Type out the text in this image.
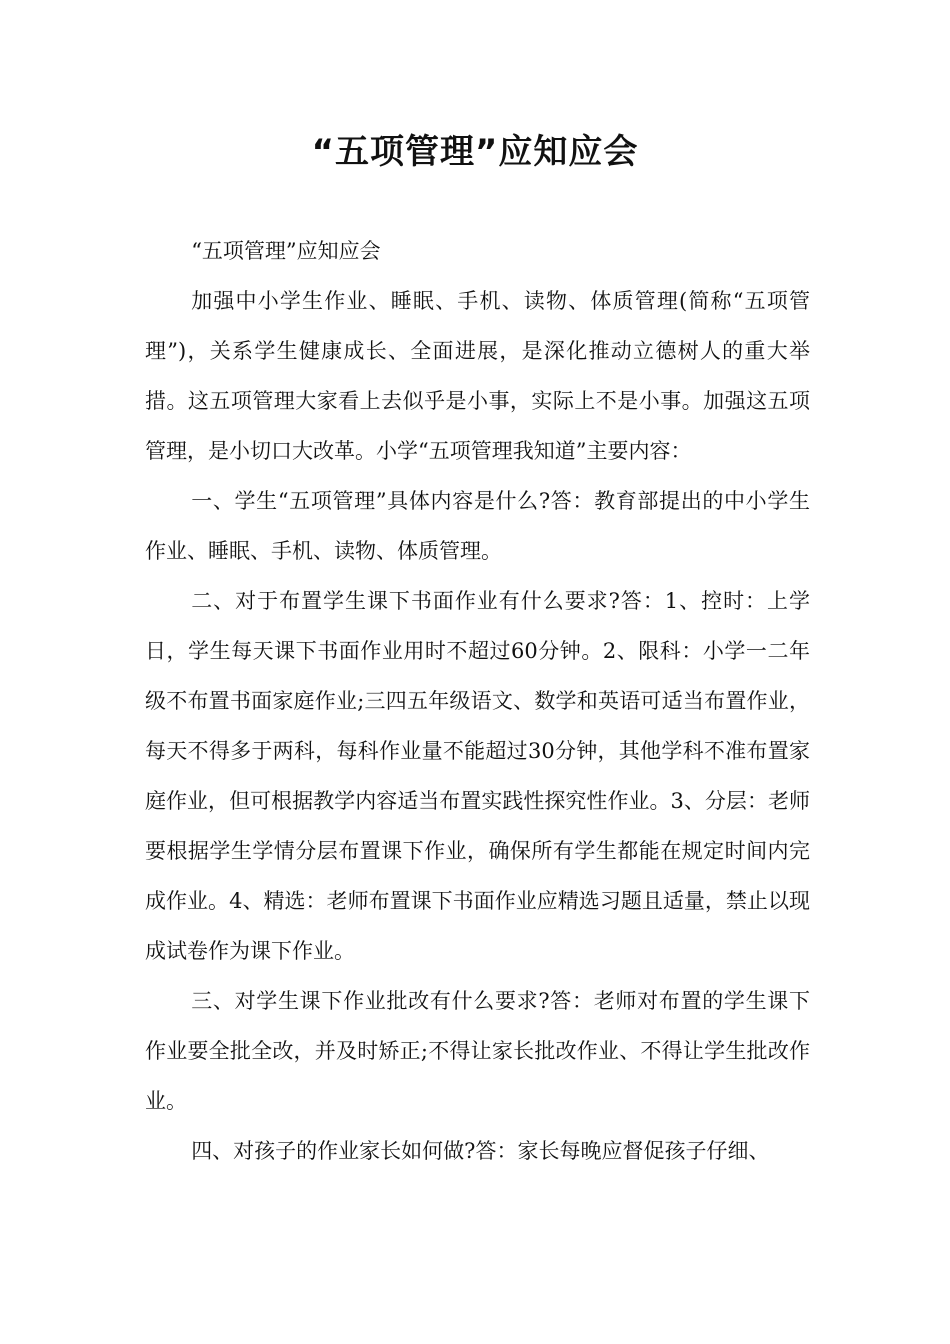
“五项管理”应知应会

“五项管理”应知应会

加强中小学生作业、睡眠、手机、读物、体质管理(简称“五项管理”)，关系学生健康成长、全面进展，是深化推动立德树人的重大举措。这五项管理大家看上去似乎是小事，实际上不是小事。加强这五项管理，是小切口大改革。小学“五项管理我知道”主要内容：

一、学生“五项管理”具体内容是什么?答：教育部提出的中小学生作业、睡眠、手机、读物、体质管理。

二、对于布置学生课下书面作业有什么要求?答：1、控时：上学日，学生每天课下书面作业用时不超过60分钟。2、限科：小学一二年级不布置书面家庭作业;三四五年级语文、数学和英语可适当布置作业，每天不得多于两科，每科作业量不能超过30分钟，其他学科不准布置家庭作业，但可根据教学内容适当布置实践性探究性作业。3、分层：老师要根据学生学情分层布置课下作业，确保所有学生都能在规定时间内完成作业。4、精选：老师布置课下书面作业应精选习题且适量，禁止以现成试卷作为课下作业。

三、对学生课下作业批改有什么要求?答：老师对布置的学生课下作业要全批全改，并及时矫正;不得让家长批改作业、不得让学生批改作业。

四、对孩子的作业家长如何做?答：家长每晚应督促孩子仔细、
